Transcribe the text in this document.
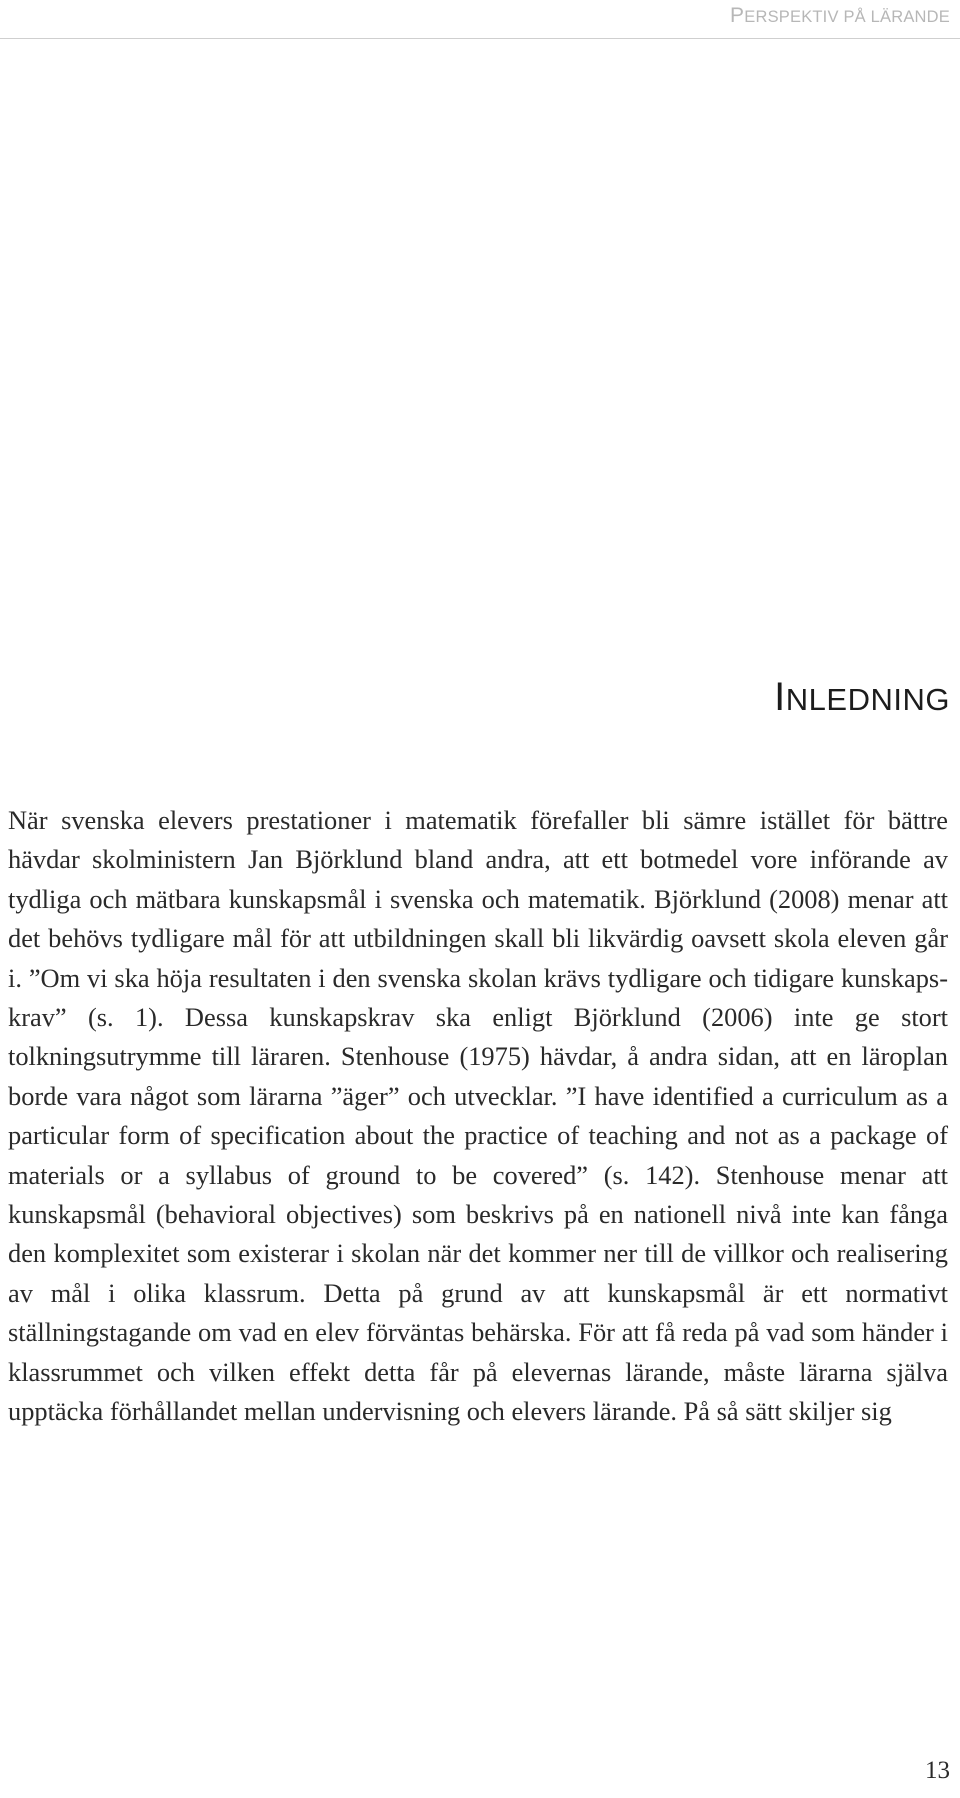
PERSPEKTIV PÅ LÄRANDE
INLEDNING

När svenska elevers prestationer i matematik förefaller bli sämre istället för bättre hävdar skolministern Jan Björklund bland andra, att ett botmedel vore införande av tydliga och mätbara kunskapsmål i svenska och matematik. Björklund (2008) menar att det behövs tydligare mål för att utbildningen skall bli likvärdig oavsett skola eleven går i. ”Om vi ska höja resultaten i den svenska skolan krävs tydligare och tidigare kunskapskrav” (s. 1). Dessa kunskapskrav ska enligt Björklund (2006) inte ge stort tolkningsutrymme till läraren. Stenhouse (1975) hävdar, å andra sidan, att en läroplan borde vara något som lärarna ”äger” och utvecklar. ”I have identified a curriculum as a particular form of specification about the practice of teaching and not as a package of materials or a syllabus of ground to be covered” (s. 142). Stenhouse menar att kunskapsmål (behavioral objectives) som beskrivs på en nationell nivå inte kan fånga den komplexitet som existerar i skolan när det kommer ner till de villkor och realisering av mål i olika klassrum. Detta på grund av att kunskapsmål är ett normativt ställningstagande om vad en elev förväntas behärska. För att få reda på vad som händer i klassrummet och vilken effekt detta får på elevernas lärande, måste lärarna själva upptäcka förhållandet mellan undervisning och elevers lärande. På så sätt skiljer sig

13
